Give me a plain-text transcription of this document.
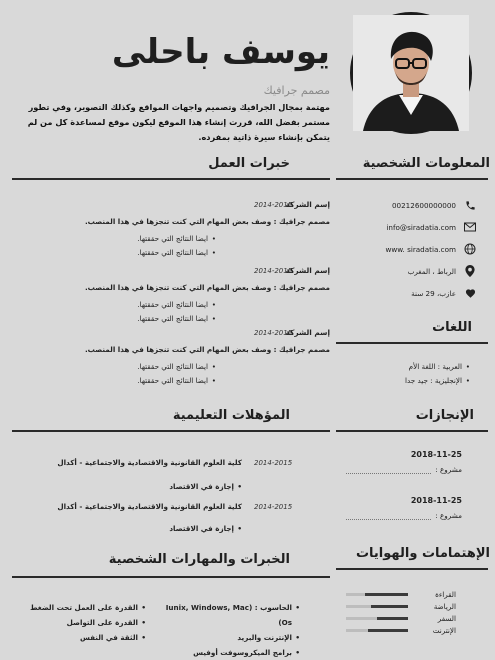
يوسف باحلى
مصمم جرافيك
مهتمة بمجال الجرافيك وتصميم واجهات المواقع وكذلك التصوير، وفي تطور مستمر بفضل الله، قررت إنشاء هذا الموقع ليكون موقع لمساعدة كل من لم يتمكن بإنشاء سيرة ذاتية بمفرده.
خبرات العمل
إسم الشركة
2014-2015
مصمم جرافيك : وصف بعض المهام التي كنت تنجزها في هذا المنصب.
• ايضا النتائج التي حققتها.
• ايضا النتائج التي حققتها.
إسم الشركة
2014-2015
مصمم جرافيك : وصف بعض المهام التي كنت تنجزها في هذا المنصب.
• ايضا النتائج التي حققتها.
• ايضا النتائج التي حققتها.
إسم الشركة
2014-2015
مصمم جرافيك : وصف بعض المهام التي كنت تنجزها في هذا المنصب.
• ايضا النتائج التي حققتها.
• ايضا النتائج التي حققتها.
المؤهلات التعليمية
2014-2015
كلية العلوم القانونية والاقتصادية والاجتماعية - أكدال
• إجازة في الاقتصاد
2014-2015
كلية العلوم القانونية والاقتصادية والاجتماعية - أكدال
• إجازة في الاقتصاد
الخبرات والمهارات الشخصية
• الحاسوب : (Iunix, Windows, Mac Os)
• الإنترنت والبريد
• برامج الميكروسوفت أوفيس
• القدرة على العمل تحت الضغط
• القدرة على التواصل
• الثقة في النفس
المعلومات الشخصية
00212600000000
info@siradatia.com
www. siradatia.com
الرباط ، المغرب
عازب، 29 سنة
اللغات
• العربية : اللغة الأم
• الإنجليزية : جيد جدا
الإنجازات
2018-11-25
مشروع :
2018-11-25
مشروع :
الإهتمامات والهوايات
القراءة
الرياضة
السفر
الإنترنت
